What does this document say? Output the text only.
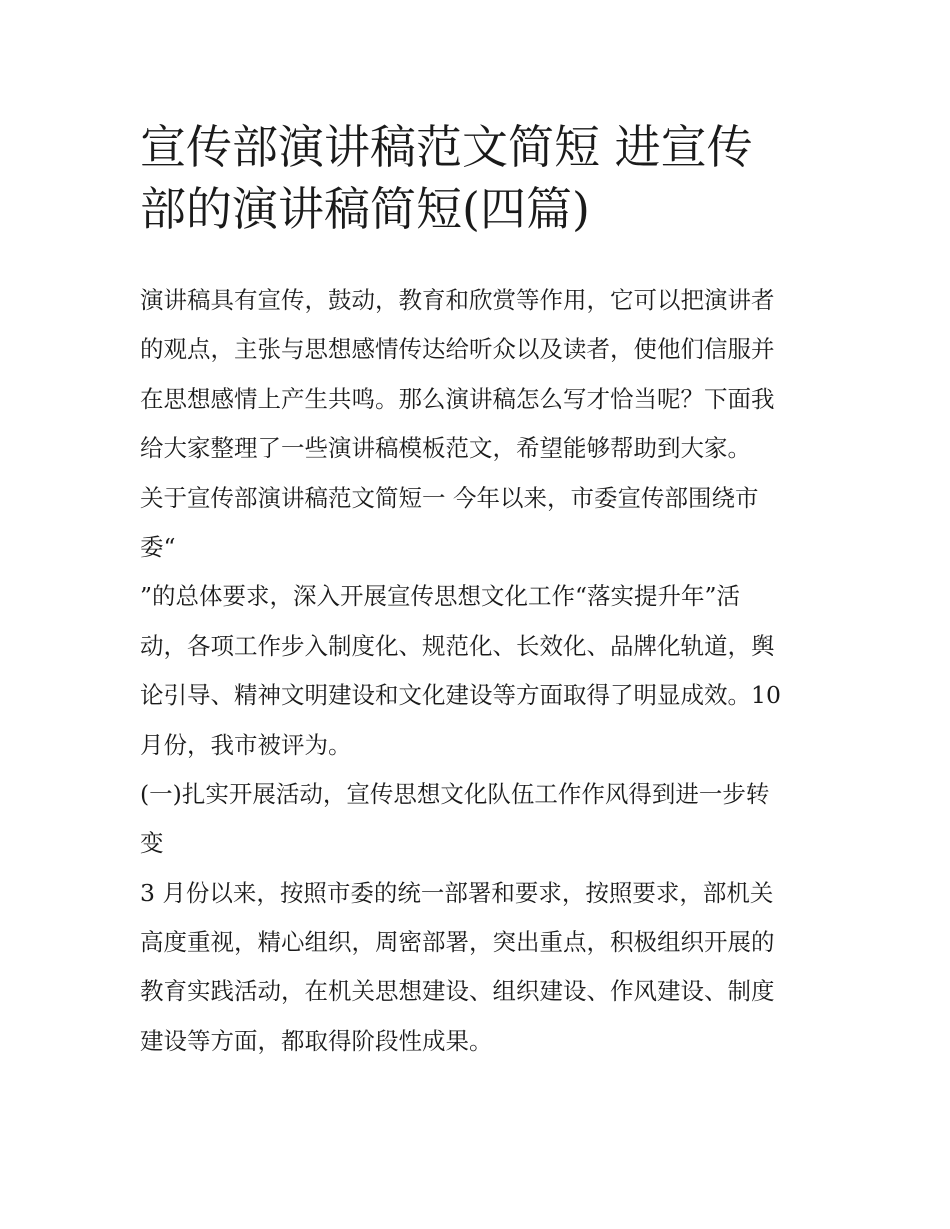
宣传部演讲稿范文简短 进宣传
部的演讲稿简短(四篇)
演讲稿具有宣传，鼓动，教育和欣赏等作用，它可以把演讲者
的观点，主张与思想感情传达给听众以及读者，使他们信服并
在思想感情上产生共鸣。那么演讲稿怎么写才恰当呢？下面我
给大家整理了一些演讲稿模板范文，希望能够帮助到大家。
关于宣传部演讲稿范文简短一 今年以来，市委宣传部围绕市
委“
”的总体要求，深入开展宣传思想文化工作“落实提升年”活
动，各项工作步入制度化、规范化、长效化、品牌化轨道，舆
论引导、精神文明建设和文化建设等方面取得了明显成效。10
月份，我市被评为。
(一)扎实开展活动，宣传思想文化队伍工作作风得到进一步转
变
3 月份以来，按照市委的统一部署和要求，按照要求，部机关
高度重视，精心组织，周密部署，突出重点，积极组织开展的
教育实践活动，在机关思想建设、组织建设、作风建设、制度
建设等方面，都取得阶段性成果。
